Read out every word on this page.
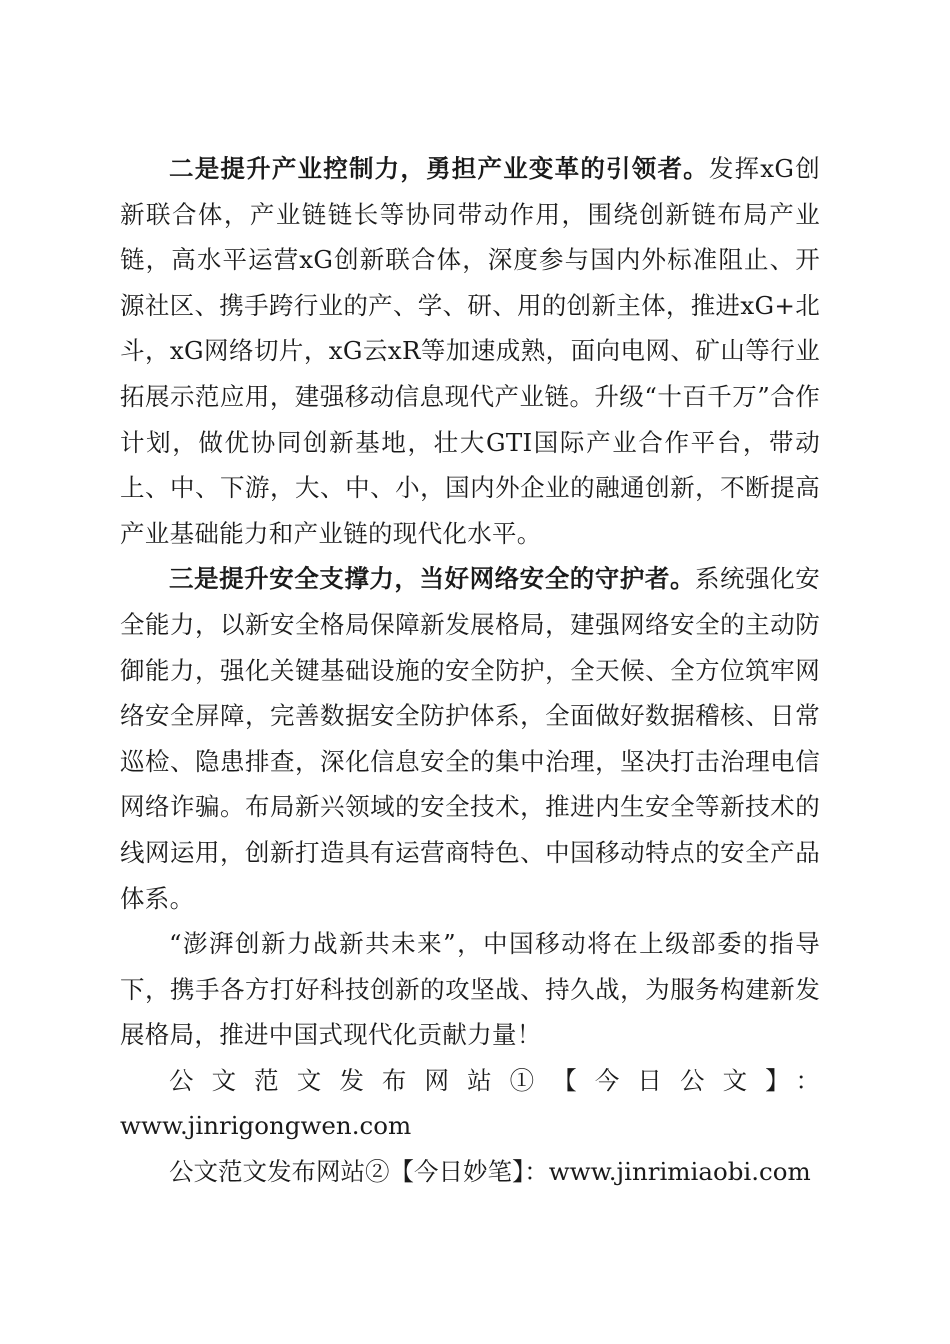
二是提升产业控制力，勇担产业变革的引领者。发挥xG创新联合体，产业链链长等协同带动作用，围绕创新链布局产业链，高水平运营xG创新联合体，深度参与国内外标准阻止、开源社区、携手跨行业的产、学、研、用的创新主体，推进xG+北斗，xG网络切片，xG云xR等加速成熟，面向电网、矿山等行业拓展示范应用，建强移动信息现代产业链。升级“十百千万”合作计划，做优协同创新基地，壮大GTI国际产业合作平台，带动上、中、下游，大、中、小，国内外企业的融通创新，不断提高产业基础能力和产业链的现代化水平。

三是提升安全支撑力，当好网络安全的守护者。系统强化安全能力，以新安全格局保障新发展格局，建强网络安全的主动防御能力，强化关键基础设施的安全防护，全天候、全方位筑牢网络安全屏障，完善数据安全防护体系，全面做好数据稽核、日常巡检、隐患排查，深化信息安全的集中治理，坚决打击治理电信网络诈骗。布局新兴领域的安全技术，推进内生安全等新技术的线网运用，创新打造具有运营商特色、中国移动特点的安全产品体系。

“澎湃创新力战新共未来”，中国移动将在上级部委的指导下，携手各方打好科技创新的攻坚战、持久战，为服务构建新发展格局，推进中国式现代化贡献力量！

公文范文发布网站①【今日公文】：

www.jinrigongwen.com

公文范文发布网站②【今日妙笔】：www.jinrimiaobi.com
